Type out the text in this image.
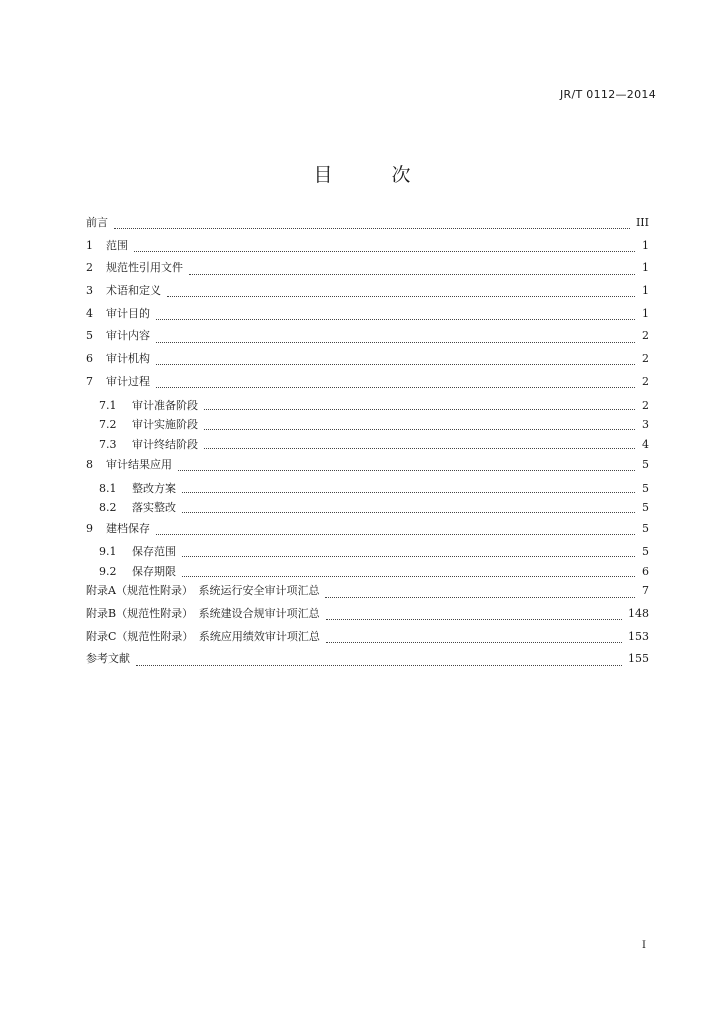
JR/T 0112—2014
目　次
前言	III
1	范围	1
2	规范性引用文件	1
3	术语和定义	1
4	审计目的	1
5	审计内容	2
6	审计机构	2
7	审计过程	2
7.1	审计准备阶段	2
7.2	审计实施阶段	3
7.3	审计终结阶段	4
8	审计结果应用	5
8.1	整改方案	5
8.2	落实整改	5
9	建档保存	5
9.1	保存范围	5
9.2	保存期限	6
附录A（规范性附录）　系统运行安全审计项汇总	7
附录B（规范性附录）　系统建设合规审计项汇总	148
附录C（规范性附录）　系统应用绩效审计项汇总	153
参考文献	155
I
